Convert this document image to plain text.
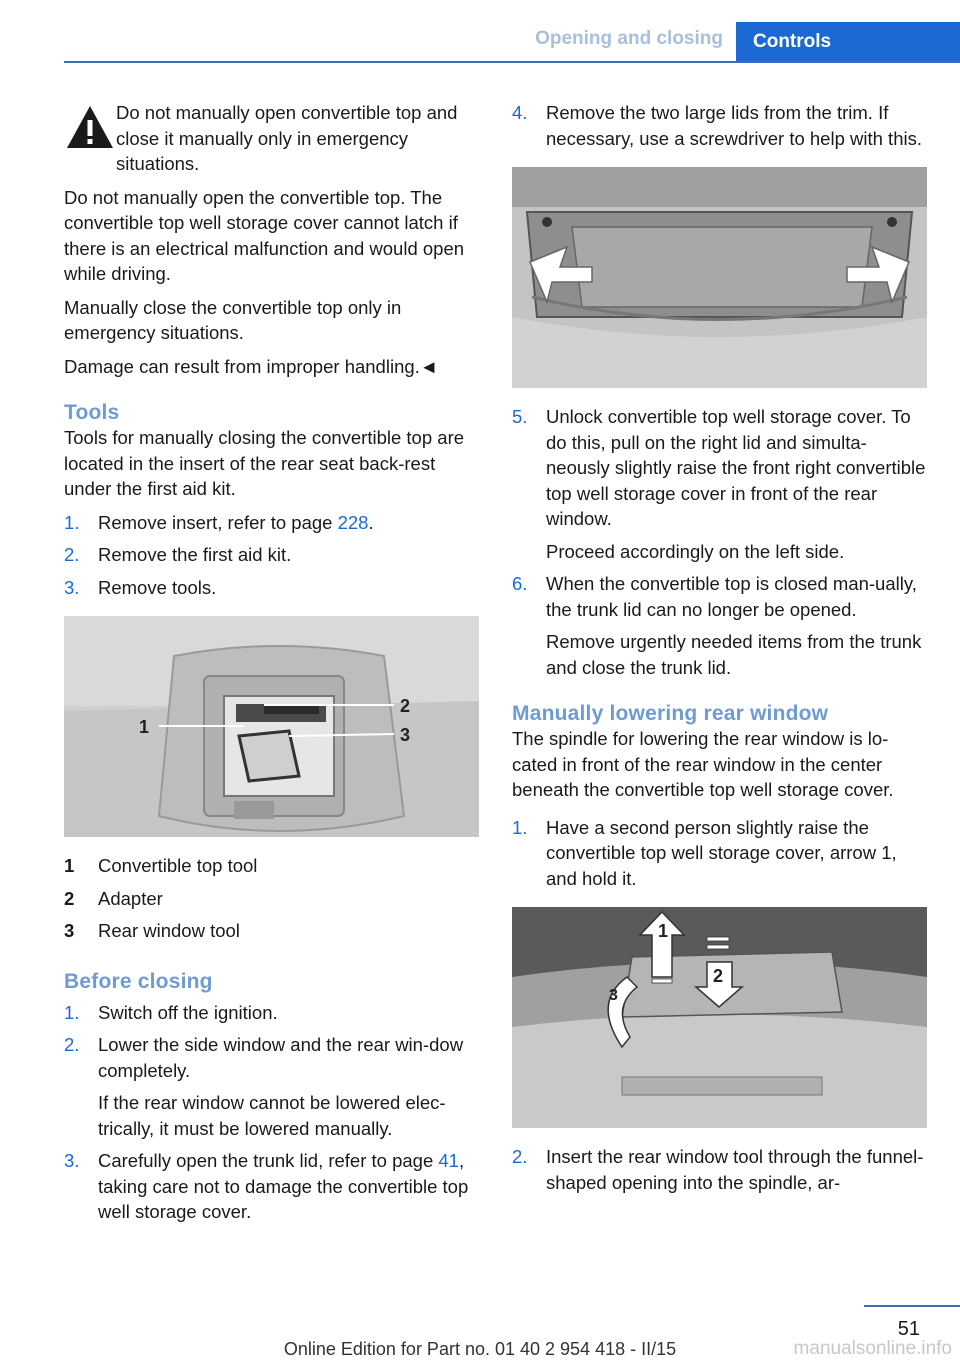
Opening and closing	Controls

Do not manually open convertible top and close it manually only in emergency situations.

Do not manually open the convertible top. The convertible top well storage cover cannot latch if there is an electrical malfunction and would open while driving.

Manually close the convertible top only in emergency situations.

Damage can result from improper handling.◄

Tools

Tools for manually closing the convertible top are located in the insert of the rear seat back‐rest under the first aid kit.

1. Remove insert, refer to page 228.
2. Remove the first aid kit.
3. Remove tools.
1
2
3
1 Convertible top tool
2 Adapter
3 Rear window tool
Before closing
1. Switch off the ignition.
2. Lower the side window and the rear win‐dow completely.
If the rear window cannot be lowered elec‐trically, it must be lowered manually.
3. Carefully open the trunk lid, refer to page 41, taking care not to damage the convertible top well storage cover.
4. Remove the two large lids from the trim. If necessary, use a screwdriver to help with this.
5. Unlock convertible top well storage cover. To do this, pull on the right lid and simulta‐neously slightly raise the front right convertible top well storage cover in front of the rear window.
Proceed accordingly on the left side.
6. When the convertible top is closed man‐ually, the trunk lid can no longer be opened.
Remove urgently needed items from the trunk and close the trunk lid.
Manually lowering rear window

The spindle for lowering the rear window is lo‐cated in front of the rear window in the center beneath the convertible top well storage cover.

1. Have a second person slightly raise the convertible top well storage cover, arrow 1, and hold it.
1
2
3
2. Insert the rear window tool through the funnel-shaped opening into the spindle, ar‐
51
Online Edition for Part no. 01 40 2 954 418 - II/15	manualsonline.info
